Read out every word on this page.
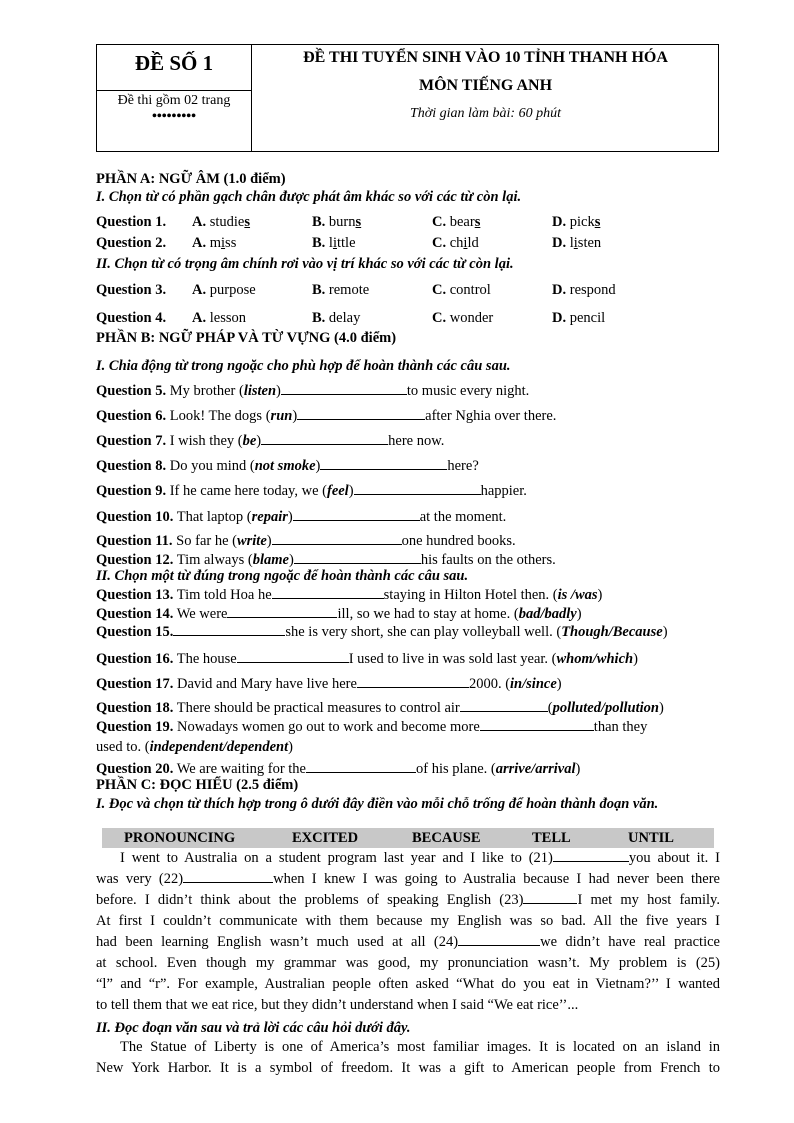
ĐỀ SỐ 1
Đề thi gồm 02 trang
•••••••••
ĐỀ THI TUYỂN SINH VÀO 10 TỈNH THANH HÓA
MÔN TIẾNG ANH
Thời gian làm bài: 60 phút
PHẦN A: NGỮ ÂM (1.0 điểm)
I. Chọn từ có phần gạch chân được phát âm khác so với các từ còn lại.
Question 1. A. studies	B. burns	C. bears	D. picks
Question 2. A. miss	B. little	C. child	D. listen
II. Chọn từ có trọng âm chính rơi vào vị trí khác so với các từ còn lại.
Question 3. A. purpose	B. remote	C. control	D. respond
Question 4. A. lesson	B. delay	C. wonder	D. pencil
PHẦN B: NGỮ PHÁP VÀ TỪ VỰNG (4.0 điểm)
I. Chia động từ trong ngoặc cho phù hợp để hoàn thành các câu sau.
Question 5. My brother (listen)	to music every night.
Question 6. Look! The dogs (run)	after Nghia over there.
Question 7. I wish they (be)	here now.
Question 8. Do you mind (not smoke)	here?
Question 9. If he came here today, we (feel)	happier.
Question 10. That laptop (repair)	at the moment.
Question 11. So far he (write)	one hundred books.
Question 12. Tim always (blame)	his faults on the others.
II. Chọn một từ đúng trong ngoặc để hoàn thành các câu sau.
Question 13. Tim told Hoa he	staying in Hilton Hotel then. (is /was)
Question 14. We were	ill, so we had to stay at home. (bad/badly)
Question 15.	she is very short, she can play volleyball well. (Though/Because)
Question 16. The house	I used to live in was sold last year. (whom/which)
Question 17. David and Mary have live here	2000. (in/since)
Question 18. There should be practical measures to control air	(polluted/pollution)
Question 19. Nowadays women go out to work and become more	than they
used to. (independent/dependent)
Question 20. We are waiting for the	of his plane. (arrive/arrival)
PHẦN C: ĐỌC HIỂU (2.5 điểm)
I. Đọc và chọn từ thích hợp trong ô dưới đây điền vào mỗi chỗ trống để hoàn thành đoạn văn.
PRONOUNCING	EXCITED	BECAUSE	TELL	UNTIL
I went to Australia on a student program last year and I like to (21)	you about it. I
was very (22)	when I knew I was going to Australia because I had never been there
before. I didn’t think about the problems of speaking English (23)	I met my host family.
At first I couldn’t communicate with them because my English was so bad. All the five years I
had been learning English wasn’t much used at all (24)	we didn’t have real practice
at school. Even though my grammar was good, my pronunciation wasn’t. My problem is (25)
“l” and “r”. For example, Australian people often asked “What do you eat in Vietnam?’’ I wanted
to tell them that we eat rice, but they didn’t understand when I said “We eat rice’’...
II. Đọc đoạn văn sau và trả lời các câu hỏi dưới đây.
The Statue of Liberty is one of America’s most familiar images. It is located on an island in
New York Harbor. It is a symbol of freedom. It was a gift to American people from French to
